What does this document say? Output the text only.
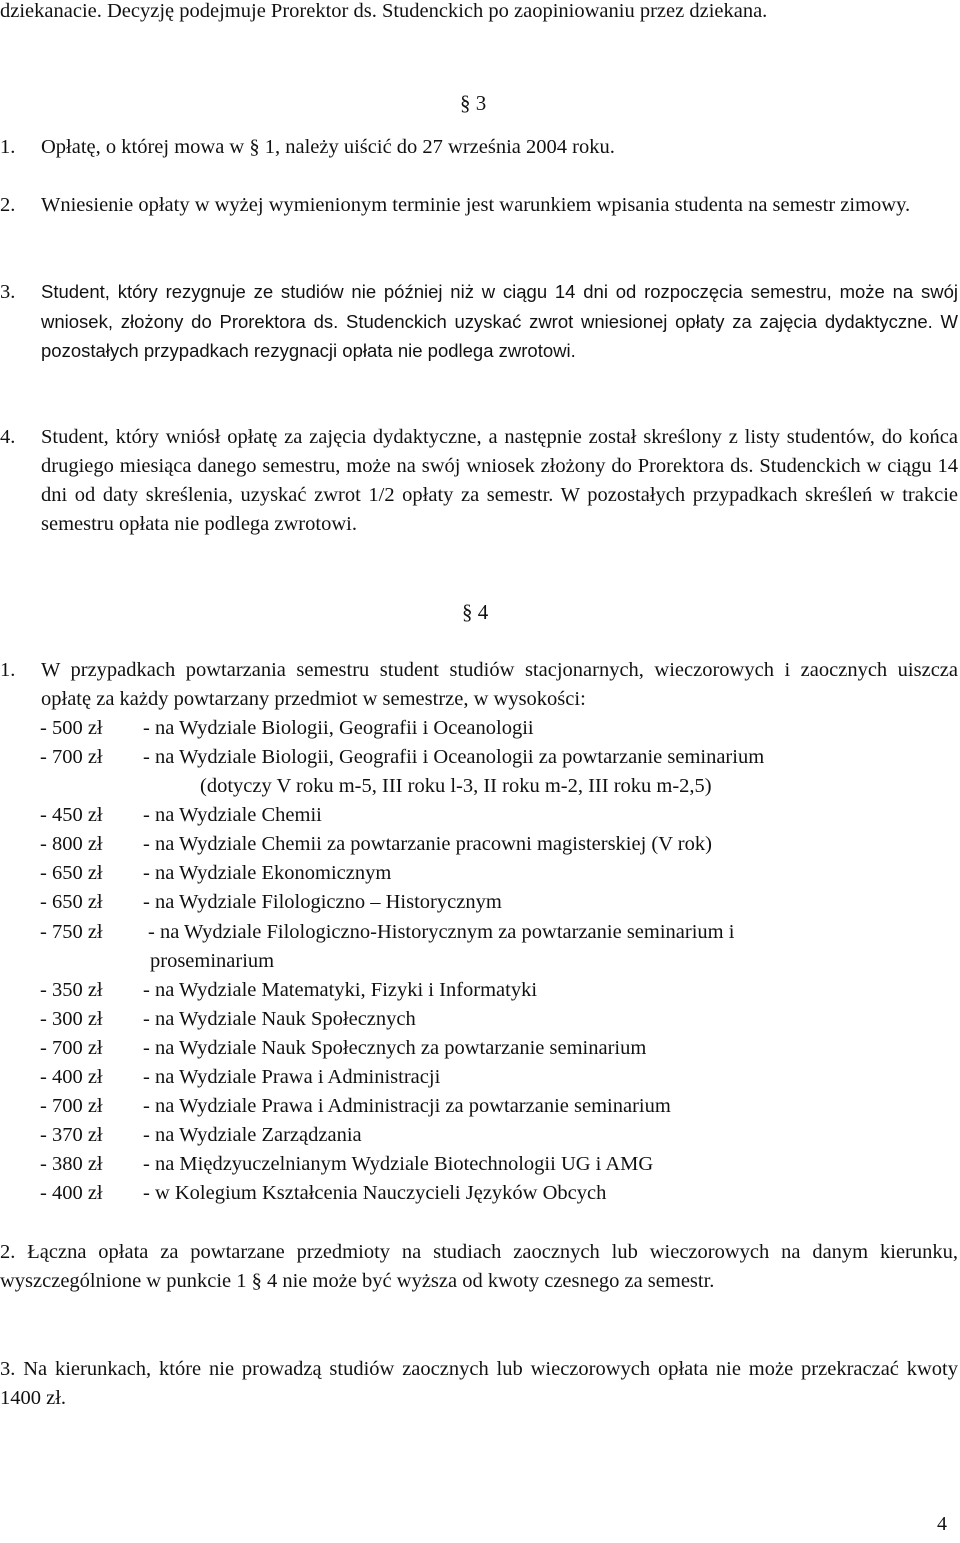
dziekanacie. Decyzję podejmuje Prorektor ds. Studenckich po zaopiniowaniu przez dziekana.

§ 3

1. Opłatę, o której mowa w § 1, należy uiścić do 27 września 2004 roku.

2. Wniesienie opłaty w wyżej wymienionym terminie jest warunkiem wpisania studenta na semestr zimowy.

3. Student, który rezygnuje ze studiów nie później niż w ciągu 14 dni od rozpoczęcia semestru, może na swój wniosek, złożony do Prorektora ds. Studenckich uzyskać zwrot wniesionej opłaty za zajęcia dydaktyczne. W pozostałych przypadkach rezygnacji opłata nie podlega zwrotowi.

4. Student, który wniósł opłatę za zajęcia dydaktyczne, a następnie został skreślony z listy studentów, do końca drugiego miesiąca danego semestru, może na swój wniosek złożony do Prorektora ds. Studenckich w ciągu 14 dni od daty skreślenia, uzyskać zwrot 1/2 opłaty za semestr. W pozostałych przypadkach skreśleń w trakcie semestru opłata nie podlega zwrotowi.

§ 4

1. W przypadkach powtarzania semestru student studiów stacjonarnych, wieczorowych i zaocznych uiszcza opłatę za każdy powtarzany przedmiot w semestrze, w wysokości:

- 500 zł - na Wydziale Biologii, Geografii i Oceanologii
- 700 zł - na Wydziale Biologii, Geografii i Oceanologii za powtarzanie seminarium
(dotyczy V roku m-5, III roku l-3, II roku m-2, III roku m-2,5)
- 450 zł - na Wydziale Chemii
- 800 zł - na Wydziale Chemii za powtarzanie pracowni magisterskiej (V rok)
- 650 zł - na Wydziale Ekonomicznym
- 650 zł - na Wydziale Filologiczno – Historycznym
- 750 zł - na Wydziale Filologiczno-Historycznym za powtarzanie seminarium i
proseminarium
- 350 zł - na Wydziale Matematyki, Fizyki i Informatyki
- 300 zł - na Wydziale Nauk Społecznych
- 700 zł - na Wydziale Nauk Społecznych za powtarzanie seminarium
- 400 zł - na Wydziale Prawa i Administracji
- 700 zł - na Wydziale Prawa i Administracji za powtarzanie seminarium
- 370 zł - na Wydziale Zarządzania
- 380 zł - na Międzyuczelnianym Wydziale Biotechnologii UG i AMG
- 400 zł - w Kolegium Kształcenia Nauczycieli Języków Obcych

2. Łączna opłata za powtarzane przedmioty na studiach zaocznych lub wieczorowych na danym kierunku, wyszczególnione w punkcie 1 § 4 nie może być wyższa od kwoty czesnego za semestr.

3. Na kierunkach, które nie prowadzą studiów zaocznych lub wieczorowych opłata nie może przekraczać kwoty 1400 zł.

4
